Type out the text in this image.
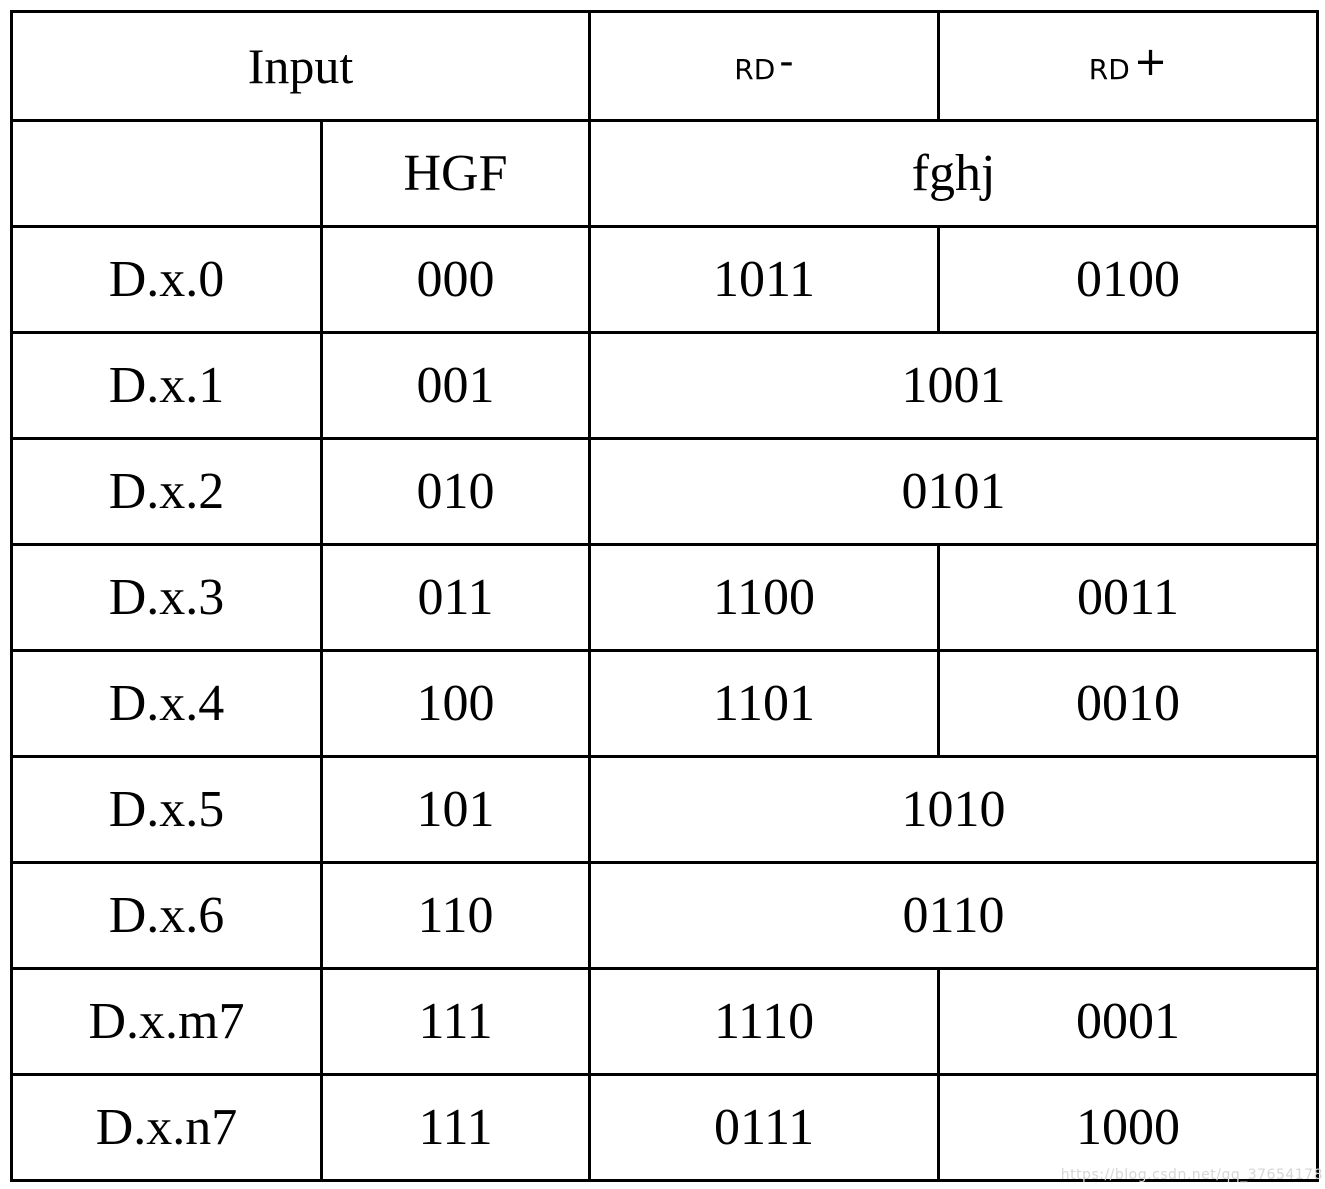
Input		RD -	RD +
	HGF	fghj	
D.x.0	000	1011	0100
D.x.1	001	1001	
D.x.2	010	0101	
D.x.3	011	1100	0011
D.x.4	100	1101	0010
D.x.5	101	1010	
D.x.6	110	0110	
D.x.m7	111	1110	0001
D.x.n7	111	0111	1000
https://blog.csdn.net/qq_37654178
